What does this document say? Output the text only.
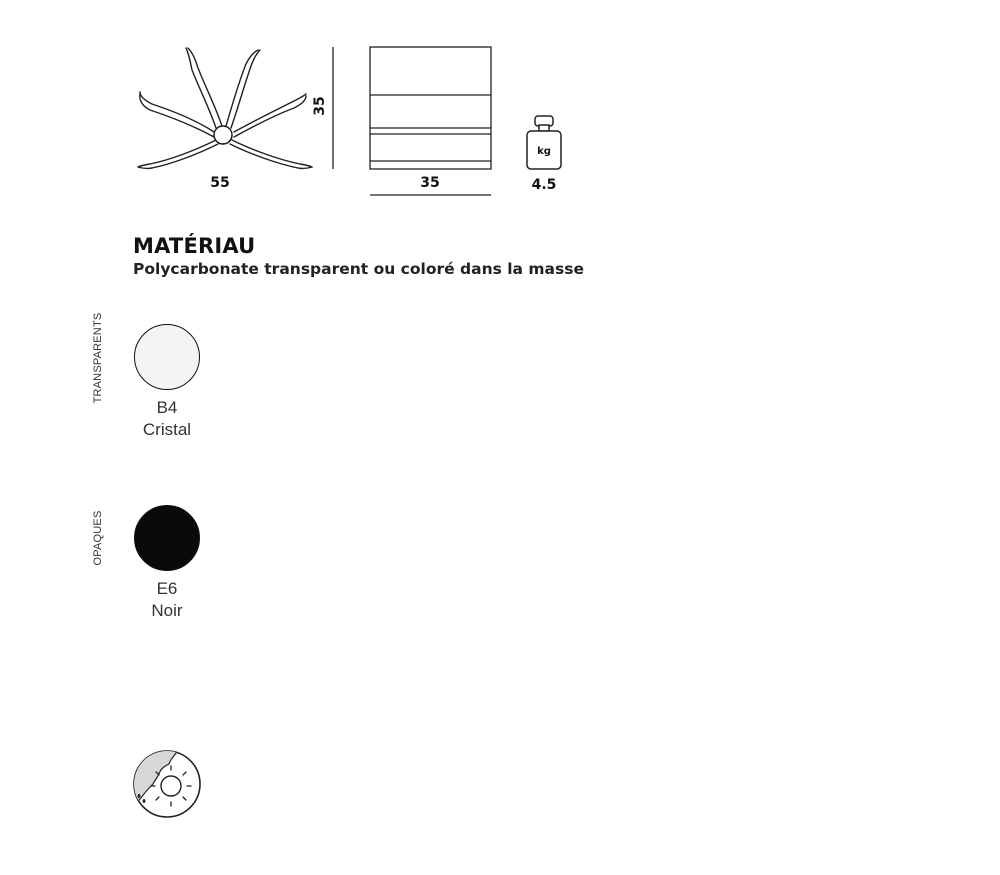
55
35
35
kg
4.5
MATÉRIAU
Polycarbonate transparent ou coloré dans la masse
TRANSPARENTS
B4
Cristal
OPAQUES
E6
Noir
